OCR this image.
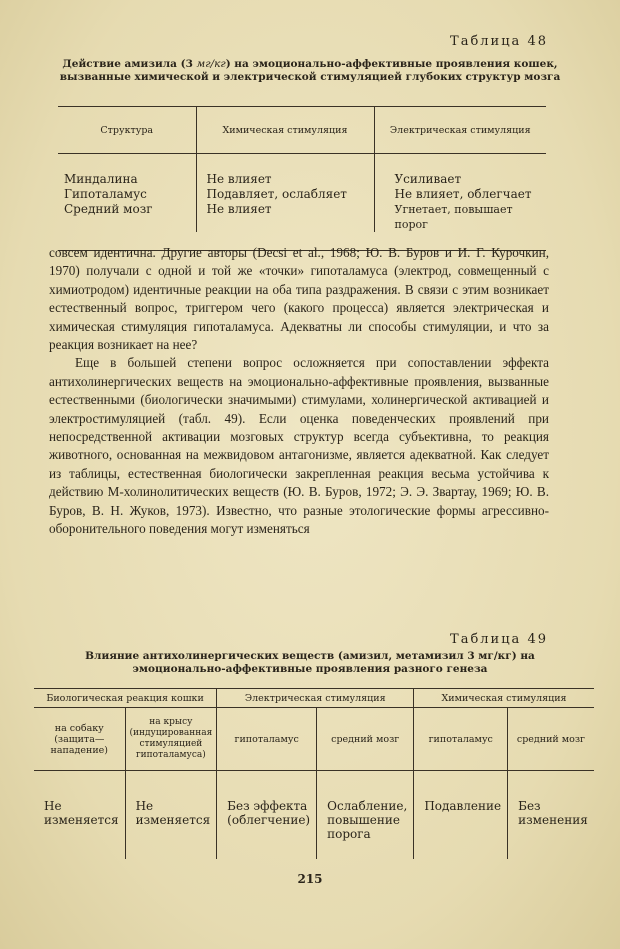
Таблица 48
Действие амизила (3 мг/кг) на эмоционально-аффективные проявления кошек, вызванные химической и электрической стимуляцией глубоких структур мозга
Структура	Химическая стимуляция	Электрическая стимуляция
Миндалина	Не влияет	Усиливает
Гипоталамус	Подавляет, ослабляет	Не влияет, облегчает
Средний мозг	Не влияет	Угнетает, повышает порог

совсем идентична. Другие авторы (Decsi et al., 1968; Ю. В. Буров и И. Г. Курочкин, 1970) получали с одной и той же «точки» гипоталамуса (электрод, совмещенный с химиотродом) идентичные реакции на оба типа раздражения. В связи с этим возникает естественный вопрос, триггером чего (какого процесса) является электрическая и химическая стимуляция гипоталамуса. Адекватны ли способы стимуляции, и что за реакция возникает на нее?

Еще в большей степени вопрос осложняется при сопоставлении эффекта антихолинергических веществ на эмоционально-аффективные проявления, вызванные естественными (биологически значимыми) стимулами, холинергической активацией и электростимуляцией (табл. 49). Если оценка поведенческих проявлений при непосредственной активации мозговых структур всегда субъективна, то реакция животного, основанная на межвидовом антагонизме, является адекватной. Как следует из таблицы, естественная биологически закрепленная реакция весьма устойчива к действию М-холинолитических веществ (Ю. В. Буров, 1972; Э. Э. Звартау, 1969; Ю. В. Буров, В. Н. Жуков, 1973). Известно, что разные этологические формы агрессивно-оборонительного поведения могут изменяться

Таблица 49
Влияние антихолинергических веществ (амизил, метамизил 3 мг/кг) на эмоционально-аффективные проявления разного генеза
Биологическая реакция кошки		Электрическая стимуляция		Химическая стимуляция	
на собаку (защита—нападение)	на крысу (индуцированная стимуляцией гипоталамуса)	гипоталамус	средний мозг	гипоталамус	средний мозг
Не изменяется	Не изменяется	Без эффекта (облегчение)	Ослабление, повышение порога	Подавление	Без изменения
215
